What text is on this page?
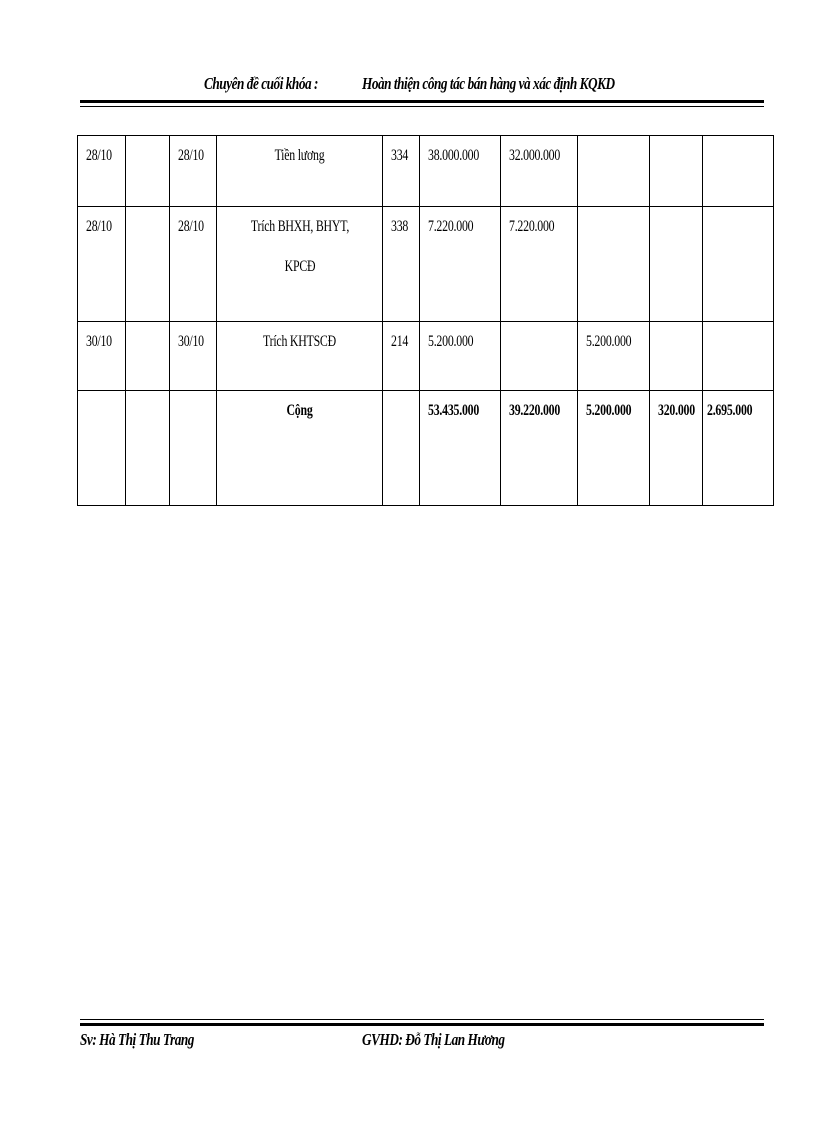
Chuyên đề cuối khóa :	Hoàn thiện công tác bán hàng và xác định KQKD
28/10		28/10	Tiền lương	334	38.000.000	32.000.000			

28/10		28/10	Trích BHXH, BHYT, KPCĐ	338	7.220.000	7.220.000			

30/10		30/10	Trích KHTSCĐ	214	5.200.000		5.200.000		

			Cộng		53.435.000	39.220.000	5.200.000	320.000	2.695.000
Sv: Hà Thị Thu Trang	GVHD: Đỗ Thị Lan Hương
